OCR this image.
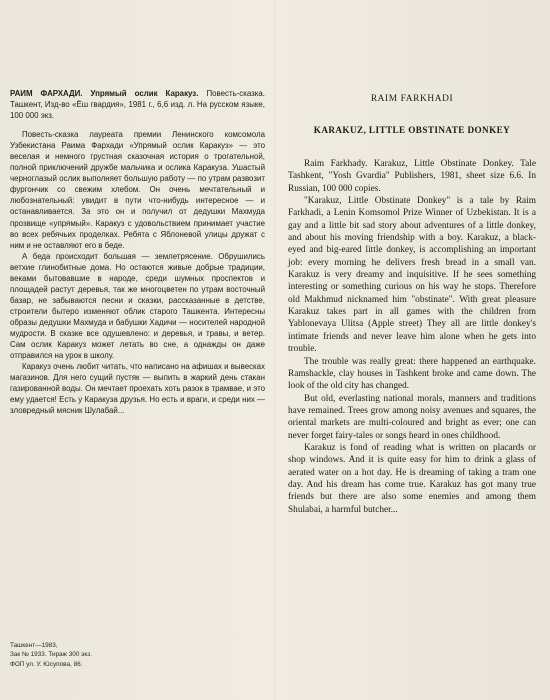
РАИМ ФАРХАДИ. Упрямый ослик Каракуз. Повесть-сказка. Ташкент, Изд-во «Ёш гвардия», 1981 г., 6,6 изд. л. На русском языке, 100 000 экз.

Повесть-сказка лауреата премии Ленинского комсомола Узбекистана Раима Фархади «Упрямый ослик Каракуз» — это веселая и немного грустная сказочная история о трогательной, полной приключений дружбе мальчика и ослика Каракуза. Ушастый черноглазый ослик выполняет большую работу — по утрам развозит фургончик со свежим хлебом. Он очень мечтательный и любознательный: увидит в пути что-нибудь интересное — и останавливается. За это он и получил от дедушки Махмуда прозвище «упрямый». Каракуз с удовольствием принимает участие во всех ребячьих проделках. Ребята с Яблоневой улицы дружат с ним и не оставляют его в беде.

А беда происходит большая — землетрясение. Обрушились ветхие глинобитные дома. Но остаются живые добрые традиции, веками бытовавшие в народе, среди шумных проспектов и площадей растут деревья, так же многоцветен по утрам восточный базар, не забываются песни и сказки, рассказанные в детстве, строители бытеро изменяют облик старого Ташкента. Интересны образы дедушки Махмуда и бабушки Хадичи — носителей народной мудрости. В сказке все одушевлено: и деревья, и травы, и ветер. Сам ослик Каракуз может летать во сне, а однажды он даже отправился на урок в школу.

Каракуз очень любит читать, что написано на афишах и вывесках магазинов. Для него сущий пустяк — выпить в жаркий день стакан газированной воды. Он мечтает проехать хоть разок в трамвае, и это ему удается! Есть у Каракуза друзья. Но есть и враги, и среди них — зловредный мясник Шулабай...

Ташкент—1983,
Зак № 1933. Тираж 300 экз.
ФОП ул. У. Юсупова, 86.
RAIM FARKHADI
KARAKUZ, LITTLE OBSTINATE DONKEY

Raim Farkhady. Karakuz, Little Obstinate Donkey. Tale Tashkent, "Yosh Gvardia" Publishers, 1981, sheet size 6.6. In Russian, 100 000 copies.

"Karakuz, Little Obstinate Donkey" is a tale by Raim Farkhadi, a Lenin Komsomol Prize Winner of Uzbekistan. It is a gay and a little bit sad story about adventures of a little donkey, and about his moving friendship with a boy. Karakuz, a black-eyed and big-eared little donkey, is accomplishing an important job: every morning he delivers fresh bread in a small van. Karakuz is very dreamy and inquisitive. If he sees something interesting or something curious on his way he stops. Therefore old Makhmud nicknamed him "obstinate". With great pleasure Karakuz takes part in all games with the children from Yablonevaya Ulitsa (Apple street) They all are little donkey's intimate friends and never leave him alone when he gets into trouble.

The trouble was really great: there happened an earthquake. Ramshackle, clay houses in Tashkent broke and came down. The look of the old city has changed.

But old, everlasting national morals, manners and traditions have remained. Trees grow among noisy avenues and squares, the oriental markets are multi-coloured and bright as ever; one can never forget fairy-tales or songs heard in ones childhood.

Karakuz is fond of reading what is written on placards or shop windows. And it is quite easy for him to drink a glass of aerated water on a hot day. He is dreaming of taking a tram one day. And his dream has come true. Karakuz has got many true friends but there are also some enemies and among them Shulabai, a harmful butcher...
